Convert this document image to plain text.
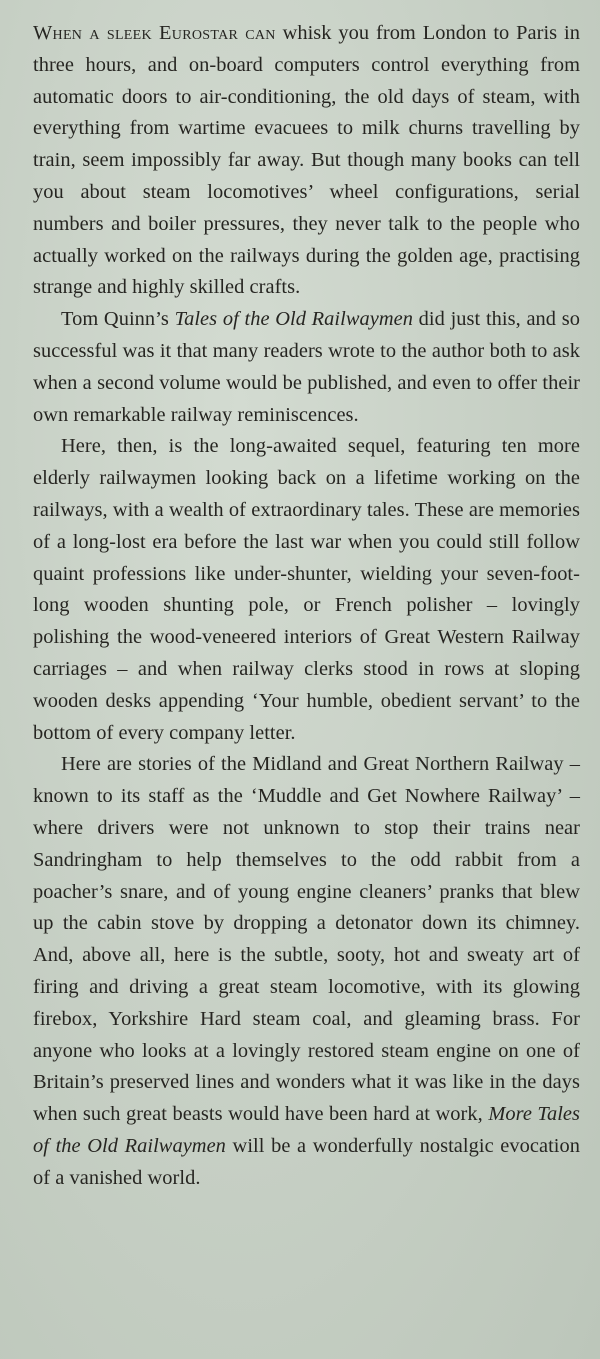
When a sleek Eurostar can whisk you from London to Paris in three hours, and on-board computers control everything from automatic doors to air-conditioning, the old days of steam, with everything from wartime evacuees to milk churns travelling by train, seem impossibly far away. But though many books can tell you about steam locomotives’ wheel configurations, serial numbers and boiler pressures, they never talk to the people who actually worked on the railways during the golden age, practising strange and highly skilled crafts.

Tom Quinn’s Tales of the Old Railwaymen did just this, and so successful was it that many readers wrote to the author both to ask when a second volume would be published, and even to offer their own remarkable railway reminiscences.

Here, then, is the long-awaited sequel, featuring ten more elderly railwaymen looking back on a lifetime working on the railways, with a wealth of extraordinary tales. These are memories of a long-lost era before the last war when you could still follow quaint professions like under-shunter, wielding your seven-foot-long wooden shunting pole, or French polisher – lovingly polishing the wood-veneered interiors of Great Western Railway carriages – and when railway clerks stood in rows at sloping wooden desks appending ‘Your humble, obedient servant’ to the bottom of every company letter.

Here are stories of the Midland and Great Northern Railway – known to its staff as the ‘Muddle and Get Nowhere Railway’ – where drivers were not unknown to stop their trains near Sandringham to help themselves to the odd rabbit from a poacher’s snare, and of young engine cleaners’ pranks that blew up the cabin stove by dropping a detonator down its chimney. And, above all, here is the subtle, sooty, hot and sweaty art of firing and driving a great steam locomotive, with its glowing firebox, Yorkshire Hard steam coal, and gleaming brass. For anyone who looks at a lovingly restored steam engine on one of Britain’s preserved lines and wonders what it was like in the days when such great beasts would have been hard at work, More Tales of the Old Railwaymen will be a wonderfully nostalgic evocation of a vanished world.
